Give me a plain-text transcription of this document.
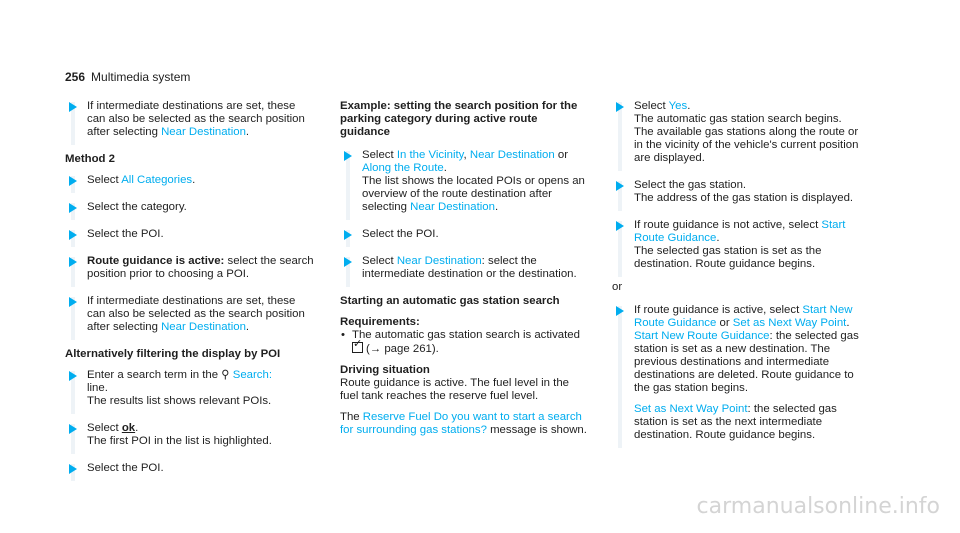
256 Multimedia system
If intermediate destinations are set, these can also be selected as the search position after selecting Near Destination.
Method 2
Select All Categories.
Select the category.
Select the POI.
Route guidance is active: select the search position prior to choosing a POI.
If intermediate destinations are set, these can also be selected as the search position after selecting Near Destination.
Alternatively filtering the display by POI
Enter a search term in the ⚲ Search:
line.
The results list shows relevant POIs.
Select ok.
The first POI in the list is highlighted.
Select the POI.
Example: setting the search position for the parking category during active route guidance
Select In the Vicinity, Near Destination or Along the Route.
The list shows the located POIs or opens an overview of the route destination after selecting Near Destination.
Select the POI.
Select Near Destination: select the intermediate destination or the destination.
Starting an automatic gas station search
Requirements:
• The automatic gas station search is activated
✓(→ page 261).
Driving situation
Route guidance is active. The fuel level in the fuel tank reaches the reserve fuel level.
The Reserve Fuel Do you want to start a search for surrounding gas stations? message is shown.
Select Yes.
The automatic gas station search begins. The available gas stations along the route or in the vicinity of the vehicle's current position are displayed.
Select the gas station.
The address of the gas station is displayed.
If route guidance is not active, select Start Route Guidance.
The selected gas station is set as the destination. Route guidance begins.
or
If route guidance is active, select Start New Route Guidance or Set as Next Way Point.
Start New Route Guidance: the selected gas station is set as a new destination. The previous destinations and intermediate destinations are deleted. Route guidance to the gas station begins.
Set as Next Way Point: the selected gas station is set as the next intermediate destination. Route guidance begins.
carmanualsonline.info
